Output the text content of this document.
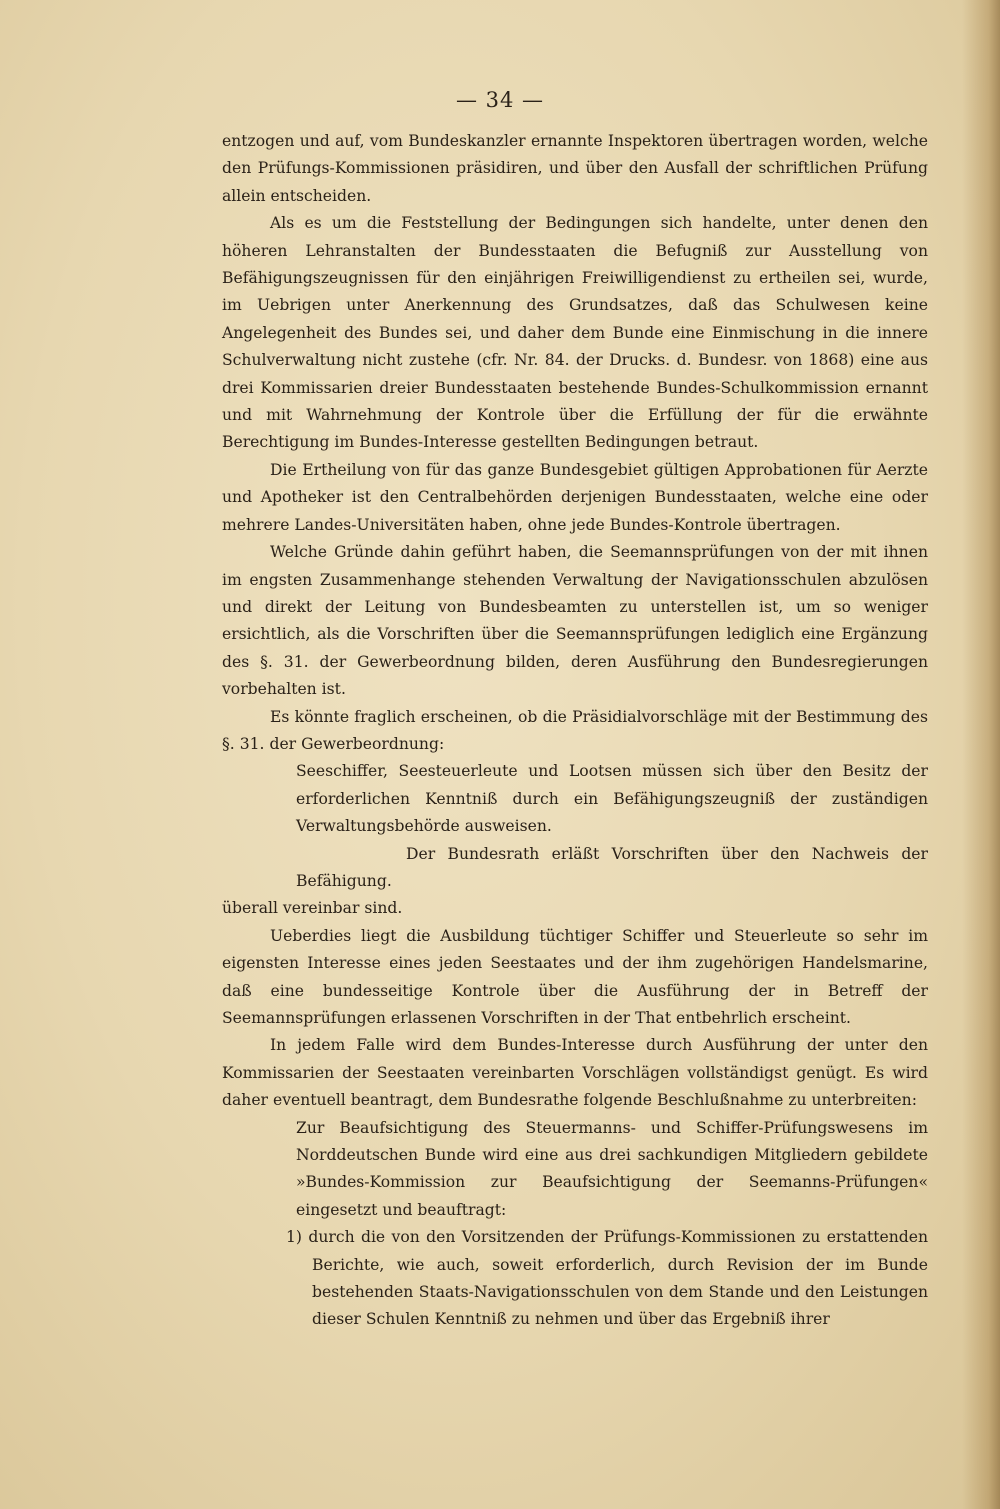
— 34 —

entzogen und auf, vom Bundeskanzler ernannte Inspektoren übertragen worden, welche den Prüfungs-Kommissionen präsidiren, und über den Ausfall der schriftlichen Prüfung allein entscheiden.

Als es um die Feststellung der Bedingungen sich handelte, unter denen den höheren Lehranstalten der Bundesstaaten die Befugniß zur Ausstellung von Befähigungszeugnissen für den einjährigen Freiwilligendienst zu ertheilen sei, wurde, im Uebrigen unter Anerkennung des Grundsatzes, daß das Schulwesen keine Angelegenheit des Bundes sei, und daher dem Bunde eine Einmischung in die innere Schulverwaltung nicht zustehe (cfr. Nr. 84. der Drucks. d. Bundesr. von 1868) eine aus drei Kommissarien dreier Bundesstaaten bestehende Bundes-Schulkommission ernannt und mit Wahrnehmung der Kontrole über die Erfüllung der für die erwähnte Berechtigung im Bundes-Interesse gestellten Bedingungen betraut.

Die Ertheilung von für das ganze Bundesgebiet gültigen Approbationen für Aerzte und Apotheker ist den Centralbehörden derjenigen Bundesstaaten, welche eine oder mehrere Landes-Universitäten haben, ohne jede Bundes-Kontrole übertragen.

Welche Gründe dahin geführt haben, die Seemannsprüfungen von der mit ihnen im engsten Zusammenhange stehenden Verwaltung der Navigationsschulen abzulösen und direkt der Leitung von Bundesbeamten zu unterstellen ist, um so weniger ersichtlich, als die Vorschriften über die Seemannsprüfungen lediglich eine Ergänzung des §. 31. der Gewerbeordnung bilden, deren Ausführung den Bundesregierungen vorbehalten ist.

Es könnte fraglich erscheinen, ob die Präsidialvorschläge mit der Bestimmung des §. 31. der Gewerbeordnung:

Seeschiffer, Seesteuerleute und Lootsen müssen sich über den Besitz der erforderlichen Kenntniß durch ein Befähigungszeugniß der zuständigen Verwaltungsbehörde ausweisen.

Der Bundesrath erläßt Vorschriften über den Nachweis der Befähigung.

überall vereinbar sind.

Ueberdies liegt die Ausbildung tüchtiger Schiffer und Steuerleute so sehr im eigensten Interesse eines jeden Seestaates und der ihm zugehörigen Handelsmarine, daß eine bundesseitige Kontrole über die Ausführung der in Betreff der Seemannsprüfungen erlassenen Vorschriften in der That entbehrlich erscheint.

In jedem Falle wird dem Bundes-Interesse durch Ausführung der unter den Kommissarien der Seestaaten vereinbarten Vorschlägen vollständigst genügt. Es wird daher eventuell beantragt, dem Bundesrathe folgende Beschlußnahme zu unterbreiten:

Zur Beaufsichtigung des Steuermanns- und Schiffer-Prüfungswesens im Norddeutschen Bunde wird eine aus drei sachkundigen Mitgliedern gebildete »Bundes-Kommission zur Beaufsichtigung der Seemanns-Prüfungen« eingesetzt und beauftragt:

1) durch die von den Vorsitzenden der Prüfungs-Kommissionen zu erstattenden Berichte, wie auch, soweit erforderlich, durch Revision der im Bunde bestehenden Staats-Navigationsschulen von dem Stande und den Leistungen dieser Schulen Kenntniß zu nehmen und über das Ergebniß ihrer
